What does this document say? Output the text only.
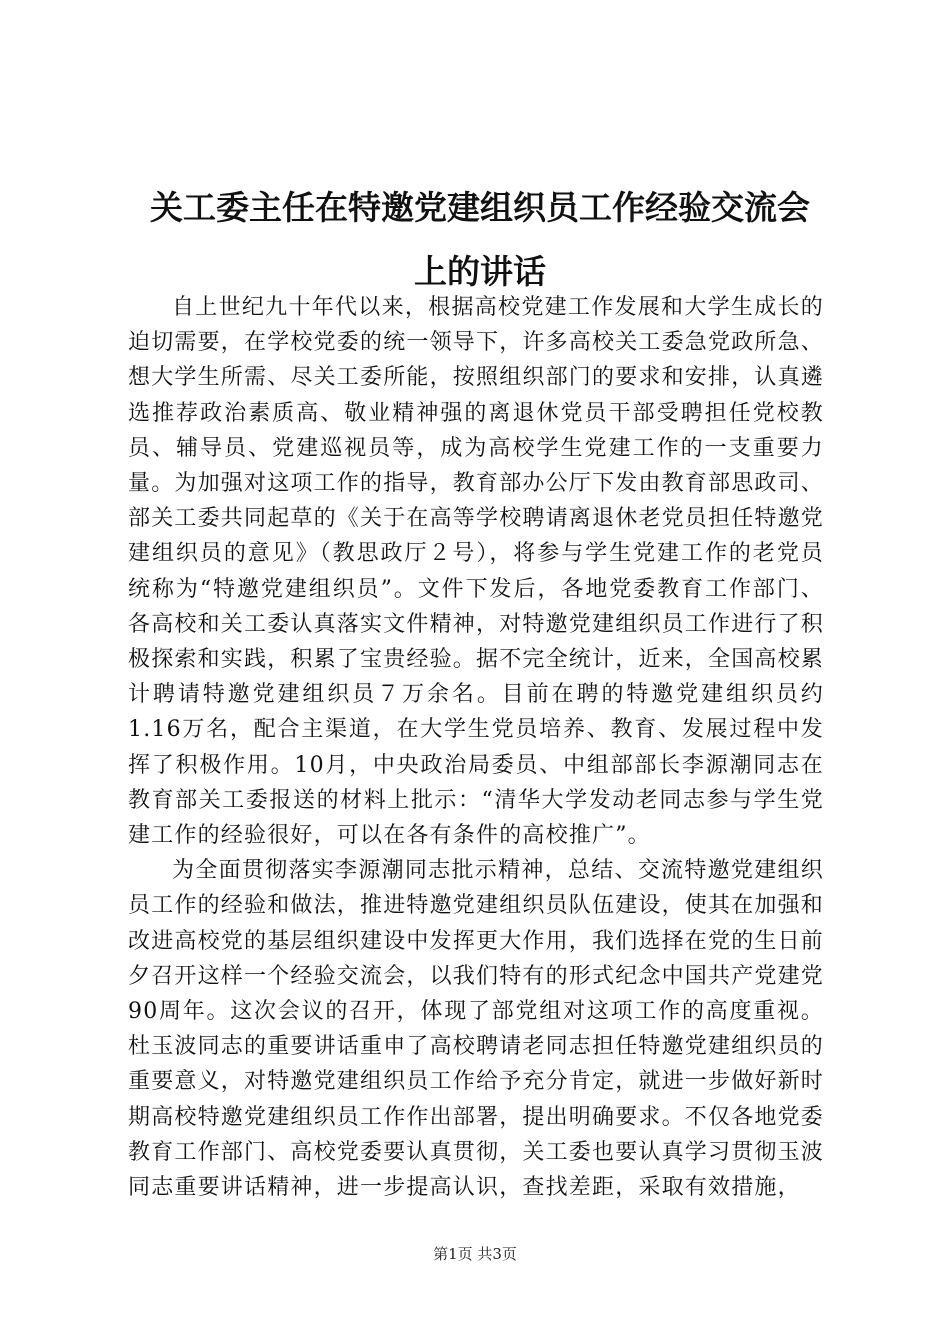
关工委主任在特邀党建组织员工作经验交流会
上的讲话

自上世纪九十年代以来，根据高校党建工作发展和大学生成长的迫切需要，在学校党委的统一领导下，许多高校关工委急党政所急、想大学生所需、尽关工委所能，按照组织部门的要求和安排，认真遴选推荐政治素质高、敬业精神强的离退休党员干部受聘担任党校教员、辅导员、党建巡视员等，成为高校学生党建工作的一支重要力量。为加强对这项工作的指导，教育部办公厅下发由教育部思政司、部关工委共同起草的《关于在高等学校聘请离退休老党员担任特邀党建组织员的意见》（教思政厅２号），将参与学生党建工作的老党员统称为“特邀党建组织员”。文件下发后，各地党委教育工作部门、各高校和关工委认真落实文件精神，对特邀党建组织员工作进行了积极探索和实践，积累了宝贵经验。据不完全统计，近来，全国高校累计聘请特邀党建组织员７万余名。目前在聘的特邀党建组织员约1.16万名，配合主渠道，在大学生党员培养、教育、发展过程中发挥了积极作用。10月，中央政治局委员、中组部部长李源潮同志在教育部关工委报送的材料上批示：“清华大学发动老同志参与学生党建工作的经验很好，可以在各有条件的高校推广”。

为全面贯彻落实李源潮同志批示精神，总结、交流特邀党建组织员工作的经验和做法，推进特邀党建组织员队伍建设，使其在加强和改进高校党的基层组织建设中发挥更大作用，我们选择在党的生日前夕召开这样一个经验交流会，以我们特有的形式纪念中国共产党建党90周年。这次会议的召开，体现了部党组对这项工作的高度重视。杜玉波同志的重要讲话重申了高校聘请老同志担任特邀党建组织员的重要意义，对特邀党建组织员工作给予充分肯定，就进一步做好新时期高校特邀党建组织员工作作出部署，提出明确要求。不仅各地党委教育工作部门、高校党委要认真贯彻，关工委也要认真学习贯彻玉波同志重要讲话精神，进一步提高认识，查找差距，采取有效措施，

第1页 共3页
